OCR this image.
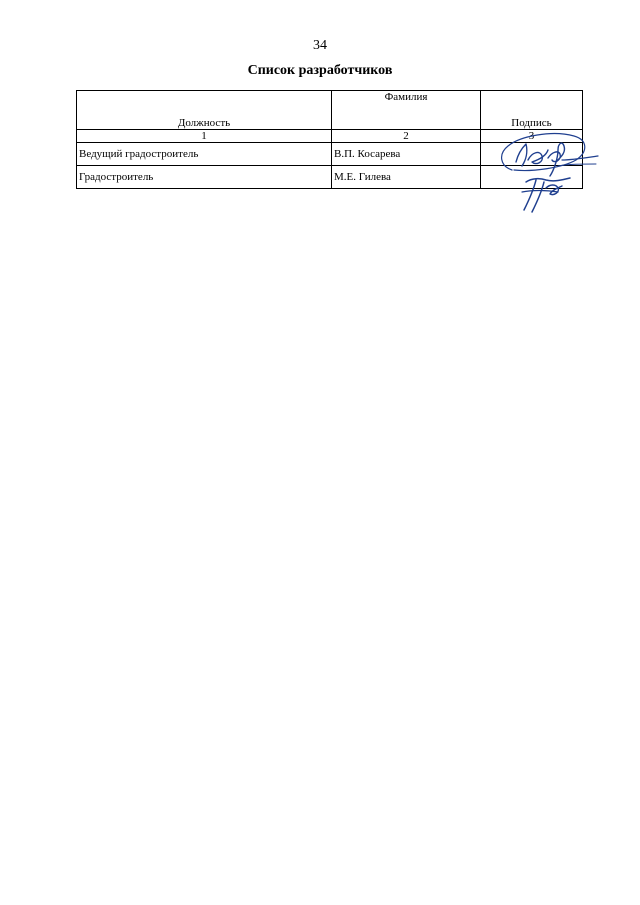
34
Список разработчиков
Должность	Фамилия	Подпись
1	2	3
Ведущий градостроитель	В.П. Косарева	
Градостроитель	М.Е. Гилева	
